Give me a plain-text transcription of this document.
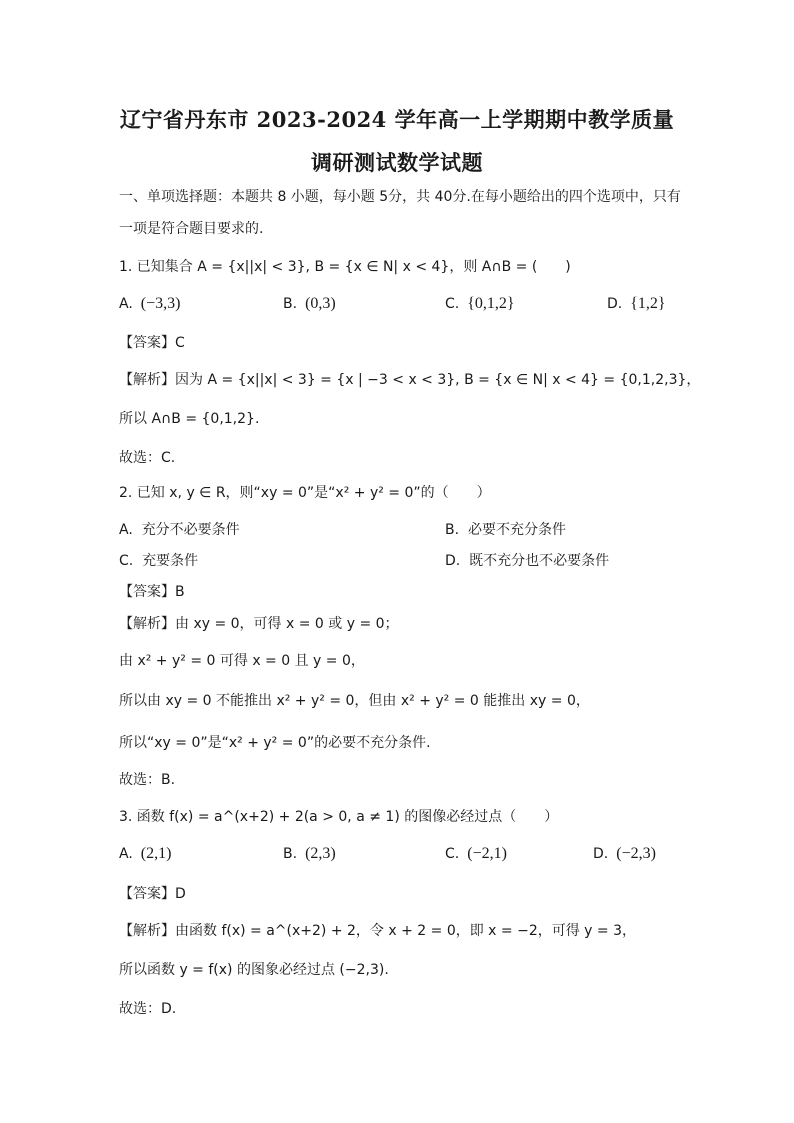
辽宁省丹东市 2023-2024 学年高一上学期期中教学质量
调研测试数学试题
一、单项选择题：本题共 8 小题，每小题 5分，共 40分.在每小题给出的四个选项中，只有
一项是符合题目要求的.
1. 已知集合 A = {x||x| < 3}, B = {x ∈ N| x < 4}，则 A∩B = (　　)
A. (−3,3)	B. (0,3)	C. {0,1,2}	D. {1,2}
【答案】C
【解析】因为 A = {x||x| < 3} = {x | −3 < x < 3}, B = {x ∈ N| x < 4} = {0,1,2,3}，
所以 A∩B = {0,1,2}.
故选：C.
2. 已知 x, y ∈ R，则“xy = 0”是“x² + y² = 0”的（　　）
A. 充分不必要条件	B. 必要不充分条件
C. 充要条件	D. 既不充分也不必要条件
【答案】B
【解析】由 xy = 0，可得 x = 0 或 y = 0；
由 x² + y² = 0 可得 x = 0 且 y = 0，
所以由 xy = 0 不能推出 x² + y² = 0，但由 x² + y² = 0 能推出 xy = 0，
所以“xy = 0”是“x² + y² = 0”的必要不充分条件.
故选：B.
3. 函数 f(x) = a^(x+2) + 2(a > 0, a ≠ 1) 的图像必经过点（　　）
A. (2,1)	B. (2,3)	C. (−2,1)	D. (−2,3)
【答案】D
【解析】由函数 f(x) = a^(x+2) + 2，令 x + 2 = 0，即 x = −2，可得 y = 3，
所以函数 y = f(x) 的图象必经过点 (−2,3).
故选：D.
